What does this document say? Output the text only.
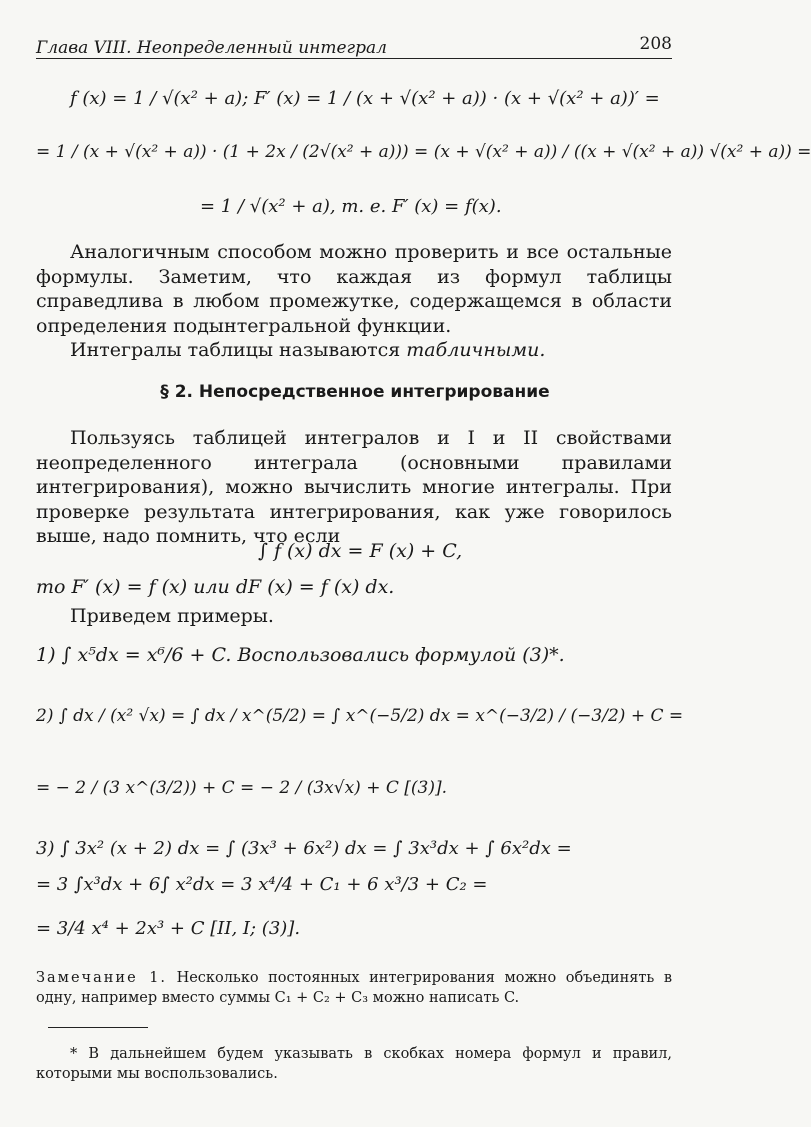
Глава VIII. Неопределенный интеграл	208
f (x) = 1 / √(x² + a); F′ (x) = 1 / (x + √(x² + a)) · (x + √(x² + a))′ =
= 1 / (x + √(x² + a)) · (1 + 2x / (2√(x² + a))) = (x + √(x² + a)) / ((x + √(x² + a)) √(x² + a)) =
= 1 / √(x² + a), т. е. F′ (x) = f(x).

Аналогичным способом можно проверить и все остальные формулы. Заметим, что каждая из формул таблицы справедлива в любом промежутке, содержащемся в области определения подынтегральной функции.

Интегралы таблицы называются табличными.

§ 2. Непосредственное интегрирование

Пользуясь таблицей интегралов и I и II свойствами неопределенного интеграла (основными правилами интегрирования), можно вычислить многие интегралы. При проверке результата интегрирования, как уже говорилось выше, надо помнить, что если

∫ f (x) dx = F (x) + C,
то F′ (x) = f (x) или dF (x) = f (x) dx.

Приведем примеры.

1) ∫ x⁵dx = x⁶/6 + C. Воспользовались формулой (3)*.
2) ∫ dx / (x² √x) = ∫ dx / x^(5/2) = ∫ x^(−5/2) dx = x^(−3/2) / (−3/2) + C =
= − 2 / (3 x^(3/2)) + C = − 2 / (3x√x) + C [(3)].
3) ∫ 3x² (x + 2) dx = ∫ (3x³ + 6x²) dx = ∫ 3x³dx + ∫ 6x²dx =
= 3 ∫x³dx + 6∫ x²dx = 3 x⁴/4 + C₁ + 6 x³/3 + C₂ =
= 3/4 x⁴ + 2x³ + C [II, I; (3)].
Замечание 1. Несколько постоянных интегрирования можно объединять в одну, например вместо суммы C₁ + C₂ + C₃ можно написать C.
* В дальнейшем будем указывать в скобках номера формул и правил, которыми мы воспользовались.
